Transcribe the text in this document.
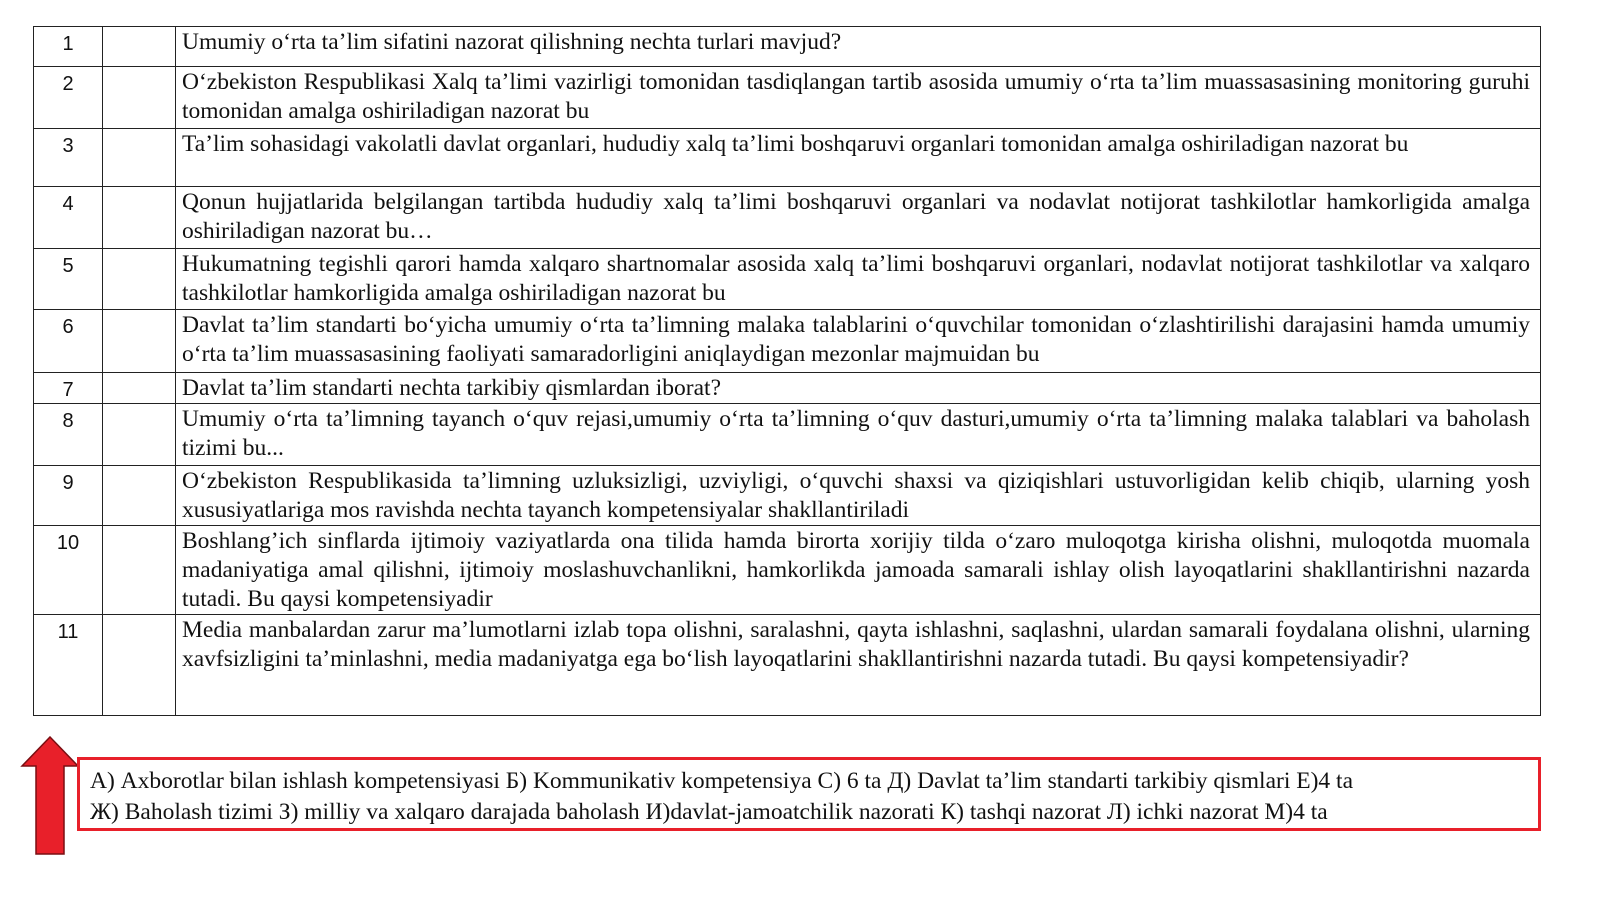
1		Umumiy o‘rta ta’lim sifatini nazorat qilishning nechta turlari mavjud?
2		O‘zbekiston Respublikasi Xalq ta’limi vazirligi tomonidan tasdiqlangan tartib asosida umumiy o‘rta ta’lim muassasasining monitoring guruhi tomonidan amalga oshiriladigan nazorat bu
3		Ta’lim sohasidagi vakolatli davlat organlari, hududiy xalq ta’limi boshqaruvi organlari tomonidan amalga oshiriladigan nazorat bu
4		Qonun hujjatlarida belgilangan tartibda hududiy xalq ta’limi boshqaruvi organlari va nodavlat notijorat tashkilotlar hamkorligida amalga oshiriladigan nazorat bu…
5		Hukumatning tegishli qarori hamda xalqaro shartnomalar asosida xalq ta’limi boshqaruvi organlari, nodavlat notijorat tashkilotlar va xalqaro tashkilotlar hamkorligida amalga oshiriladigan nazorat bu
6		Davlat ta’lim standarti bo‘yicha umumiy o‘rta ta’limning malaka talablarini o‘quvchilar tomonidan o‘zlashtirilishi darajasini hamda umumiy o‘rta ta’lim muassasasining faoliyati samaradorligini aniqlaydigan mezonlar majmuidan bu
7		Davlat ta’lim standarti nechta tarkibiy qismlardan iborat?
8		Umumiy o‘rta ta’limning tayanch o‘quv rejasi,umumiy o‘rta ta’limning o‘quv dasturi,umumiy o‘rta ta’limning malaka talablari va baholash tizimi bu...
9		O‘zbekiston Respublikasida ta’limning uzluksizligi, uzviyligi, o‘quvchi shaxsi va qiziqishlari ustuvorligidan kelib chiqib, ularning yosh xususiyatlariga mos ravishda nechta tayanch kompetensiyalar shakllantiriladi
10		Boshlang’ich sinflarda ijtimoiy vaziyatlarda ona tilida hamda birorta xorijiy tilda o‘zaro muloqotga kirisha olishni, muloqotda muomala madaniyatiga amal qilishni, ijtimoiy moslashuvchanlikni, hamkorlikda jamoada samarali ishlay olish layoqatlarini shakllantirishni nazarda tutadi. Bu qaysi kompetensiyadir
11		Media manbalardan zarur ma’lumotlarni izlab topa olishni, saralashni, qayta ishlashni, saqlashni, ulardan samarali foydalana olishni, ularning xavfsizligini ta’minlashni, media madaniyatga ega bo‘lish layoqatlarini shakllantirishni nazarda tutadi. Bu qaysi kompetensiyadir?
А) Axborotlar bilan ishlash kompetensiyasi Б) Kommunikativ kompetensiya С) 6 ta Д) Davlat ta’lim standarti tarkibiy qismlari Е)4 ta
Ж) Baholash tizimi З) milliy va xalqaro darajada baholash И)davlat-jamoatchilik nazorati К) tashqi nazorat Л) ichki nazorat М)4 ta
